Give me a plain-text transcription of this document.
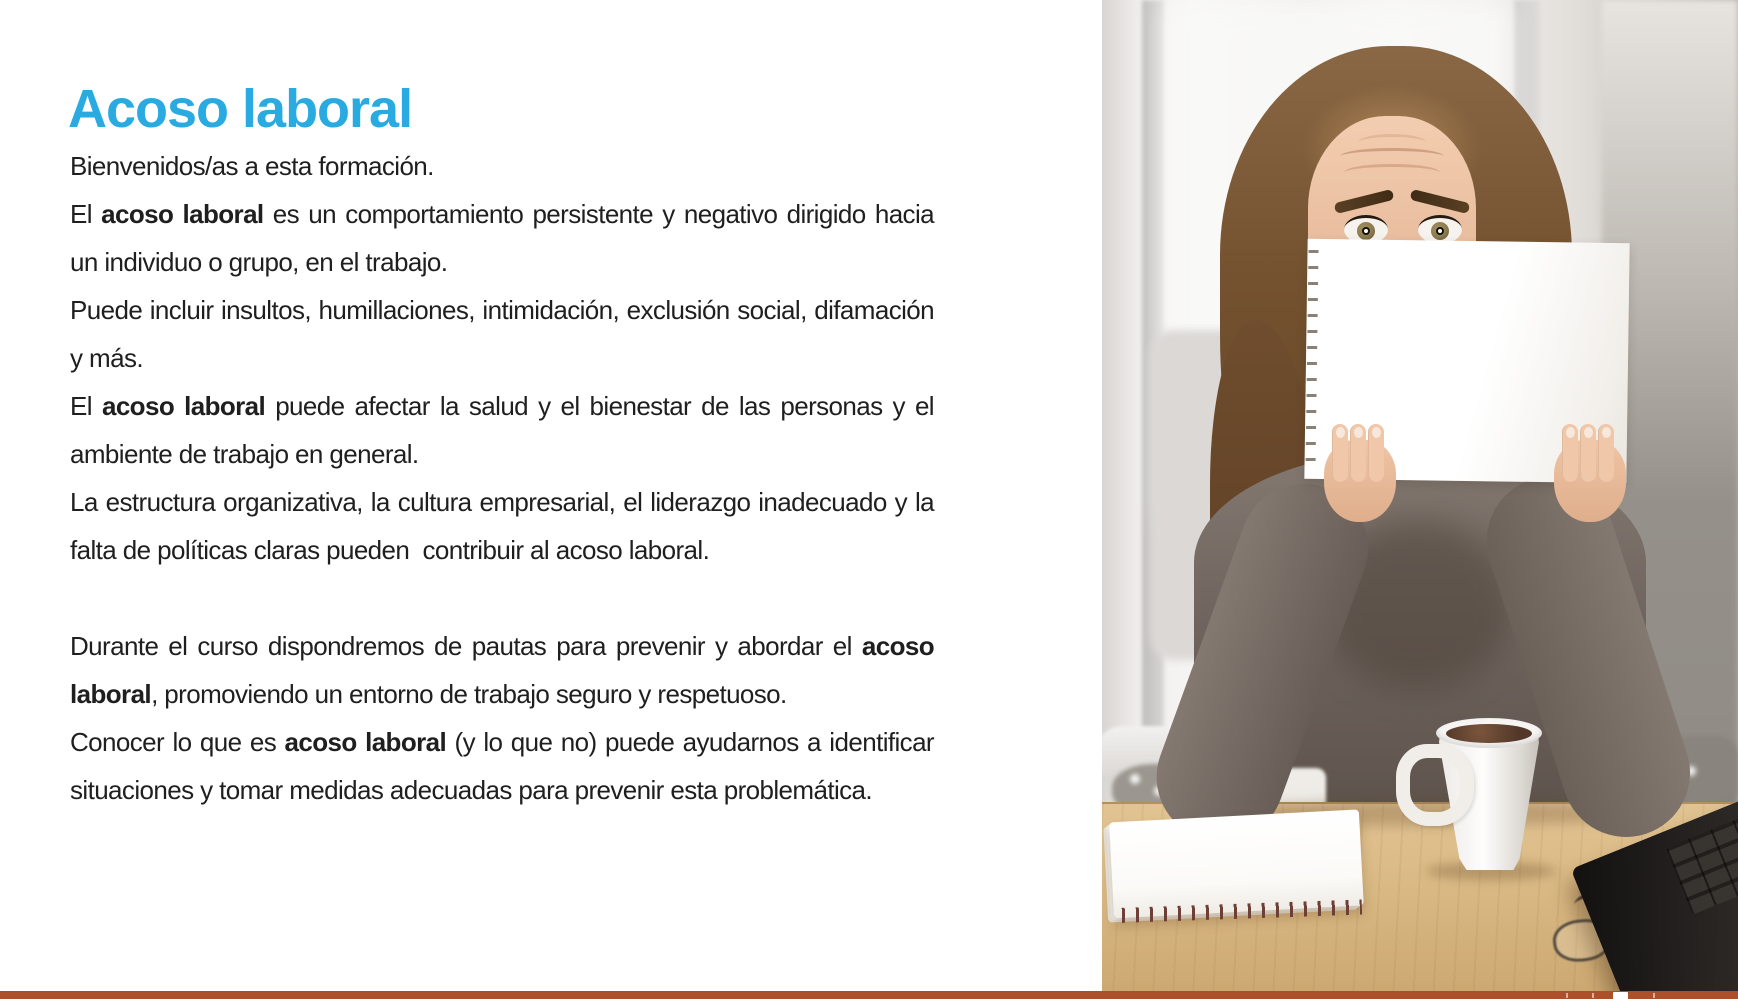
Acoso laboral

Bienvenidos/as a esta formación.

El acoso laboral es un comportamiento persistente y negativo dirigido hacia un individuo o grupo, en el trabajo.

Puede incluir insultos, humillaciones, intimidación, exclusión social, difamación y más.

El acoso laboral puede afectar la salud y el bienestar de las personas y el ambiente de trabajo en general.

La estructura organizativa, la cultura empresarial, el liderazgo inadecuado y la falta de políticas claras pueden  contribuir al acoso laboral.

Durante el curso dispondremos de pautas para prevenir y abordar el acoso laboral, promoviendo un entorno de trabajo seguro y respetuoso.

Conocer lo que es acoso laboral (y lo que no) puede ayudarnos a identificar situaciones y tomar medidas adecuadas para prevenir esta problemática.
